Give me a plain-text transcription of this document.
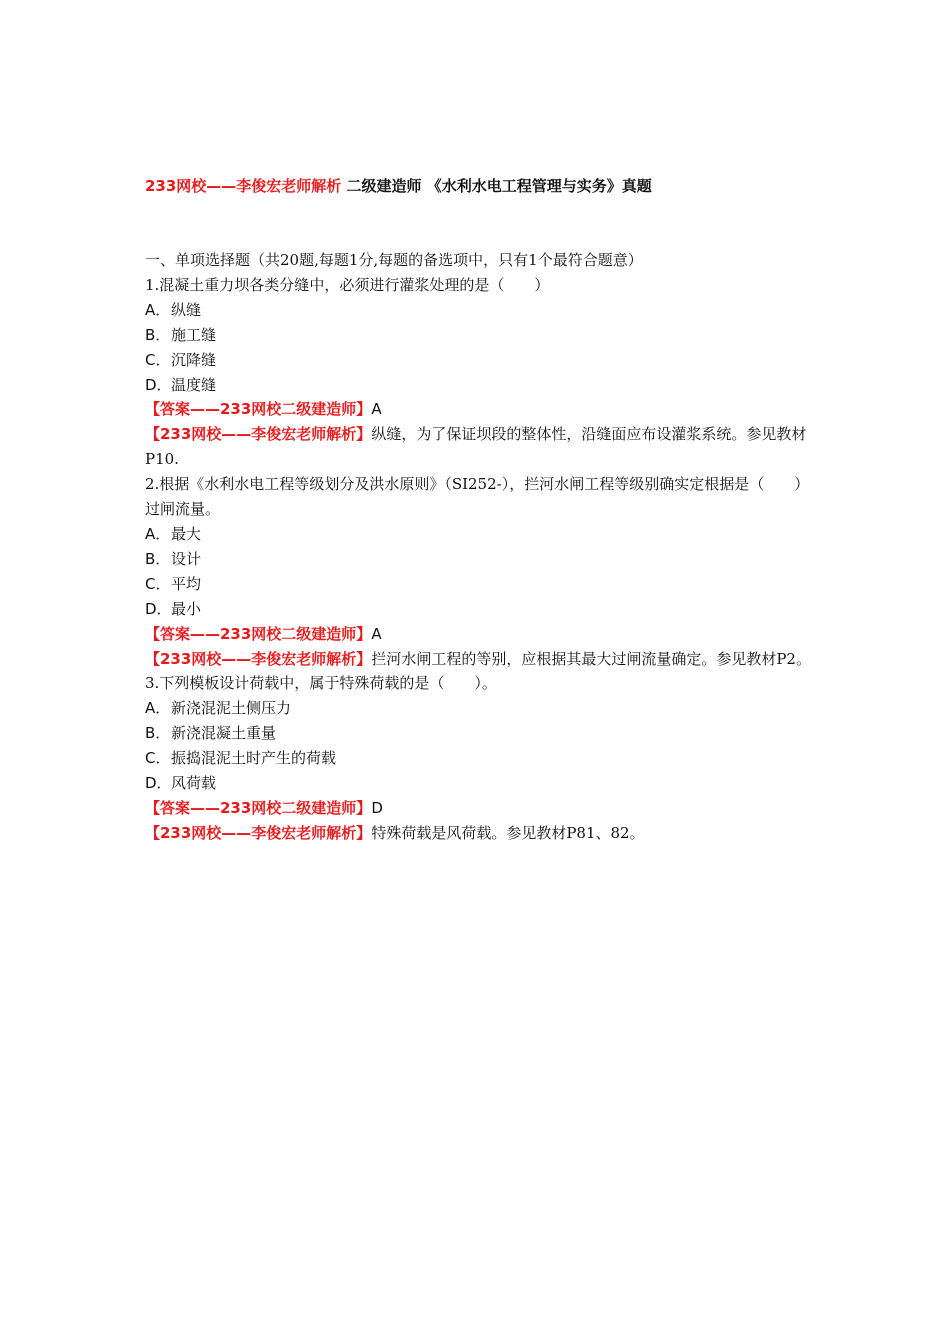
233网校——李俊宏老师解析 二级建造师 《水利水电工程管理与实务》真题
一、单项选择题（共20题,每题1分,每题的备选项中，只有1个最符合题意）
1.混凝土重力坝各类分缝中，必须进行灌浆处理的是（　　）
A．纵缝
B．施工缝
C．沉降缝
D．温度缝
【答案——233网校二级建造师】A
【233网校——李俊宏老师解析】纵缝，为了保证坝段的整体性，沿缝面应布设灌浆系统。参见教材P10.
2.根据《水利水电工程等级划分及洪水原则》（SI252-），拦河水闸工程等级别确实定根据是（　　）过闸流量。
A．最大
B．设计
C．平均
D．最小
【答案——233网校二级建造师】A
【233网校——李俊宏老师解析】拦河水闸工程的等别，应根据其最大过闸流量确定。参见教材P2。
3.下列模板设计荷载中，属于特殊荷载的是（　　）。
A．新浇混泥土侧压力
B．新浇混凝土重量
C．振捣混泥土时产生的荷载
D．风荷载
【答案——233网校二级建造师】D
【233网校——李俊宏老师解析】特殊荷载是风荷载。参见教材P81、82。
